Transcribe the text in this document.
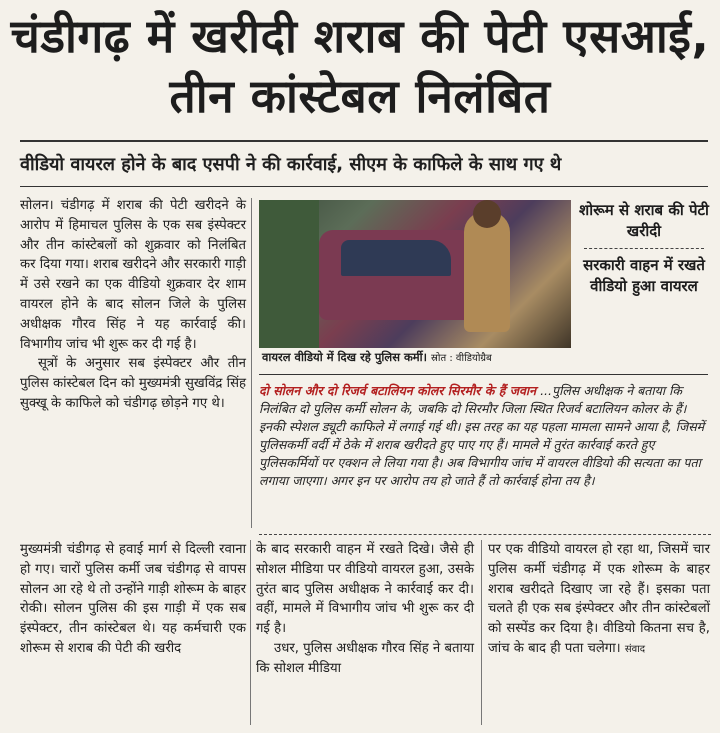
चंडीगढ़ में खरीदी शराब की पेटी एसआई, तीन कांस्टेबल निलंबित
वीडियो वायरल होने के बाद एसपी ने की कार्रवाई, सीएम के काफिले के साथ गए थे

सोलन। चंडीगढ़ में शराब की पेटी खरीदने के आरोप में हिमाचल पुलिस के एक सब इंस्पेक्टर और तीन कांस्टेबलों को शुक्रवार को निलंबित कर दिया गया। शराब खरीदने और सरकारी गाड़ी में उसे रखने का एक वीडियो शुक्रवार देर शाम वायरल होने के बाद सोलन जिले के पुलिस अधीक्षक गौरव सिंह ने यह कार्रवाई की। विभागीय जांच भी शुरू कर दी गई है।

सूत्रों के अनुसार सब इंस्पेक्टर और तीन पुलिस कांस्टेबल दिन को मुख्यमंत्री सुखविंद्र सिंह सुक्खू के काफिले को चंडीगढ़ छोड़ने गए थे।

वायरल वीडियो में दिख रहे पुलिस कर्मी। स्रोत : वीडियोग्रैब
शोरूम से शराब की पेटी खरीदी
सरकारी वाहन में रखते वीडियो हुआ वायरल
दो सोलन और दो रिजर्व बटालियन कोलर सिरमौर के हैं जवान ...पुलिस अधीक्षक ने बताया कि निलंबित दो पुलिस कर्मी सोलन के, जबकि दो सिरमौर जिला स्थित रिजर्व बटालियन कोलर के हैं। इनकी स्पेशल ड्यूटी काफिले में लगाई गई थी। इस तरह का यह पहला मामला सामने आया है, जिसमें पुलिसकर्मी वर्दी में ठेके में शराब खरीदते हुए पाए गए हैं। मामले में तुरंत कार्रवाई करते हुए पुलिसकर्मियों पर एक्शन ले लिया गया है। अब विभागीय जांच में वायरल वीडियो की सत्यता का पता लगाया जाएगा। अगर इन पर आरोप तय हो जाते हैं तो कार्रवाई होना तय है।
मुख्यमंत्री चंडीगढ़ से हवाई मार्ग से दिल्ली रवाना हो गए। चारों पुलिस कर्मी जब चंडीगढ़ से वापस सोलन आ रहे थे तो उन्होंने गाड़ी शोरूम के बाहर रोकी। सोलन पुलिस की इस गाड़ी में एक सब इंस्पेक्टर, तीन कांस्टेबल थे। यह कर्मचारी एक शोरूम से शराब की पेटी की खरीद
के बाद सरकारी वाहन में रखते दिखे। जैसे ही सोशल मीडिया पर वीडियो वायरल हुआ, उसके तुरंत बाद पुलिस अधीक्षक ने कार्रवाई कर दी। वहीं, मामले में विभागीय जांच भी शुरू कर दी गई है।
उधर, पुलिस अधीक्षक गौरव सिंह ने बताया कि सोशल मीडिया
पर एक वीडियो वायरल हो रहा था, जिसमें चार पुलिस कर्मी चंडीगढ़ में एक शोरूम के बाहर शराब खरीदते दिखाए जा रहे हैं। इसका पता चलते ही एक सब इंस्पेक्टर और तीन कांस्टेबलों को सस्पेंड कर दिया है। वीडियो कितना सच है, जांच के बाद ही पता चलेगा। संवाद
